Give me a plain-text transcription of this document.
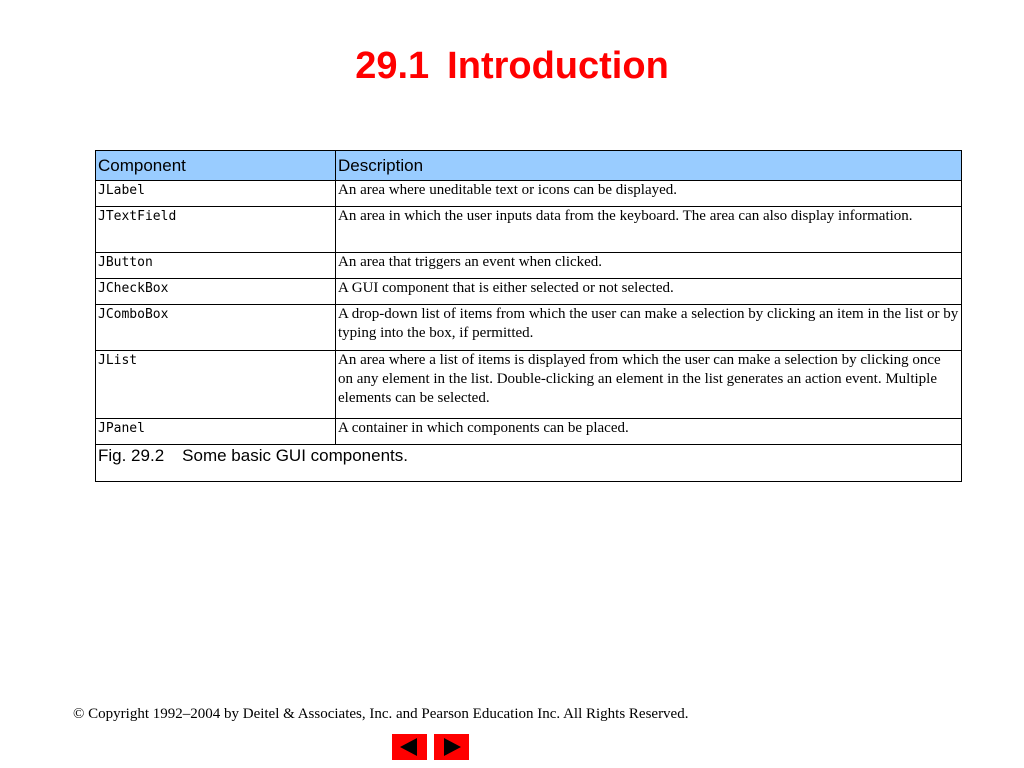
29.1 Introduction
Component	Description
JLabel	An area where uneditable text or icons can be displayed.
JTextField	An area in which the user inputs data from the keyboard. The area can also display information.
JButton	An area that triggers an event when clicked.
JCheckBox	A GUI component that is either selected or not selected.
JComboBox	A drop-down list of items from which the user can make a selection by clicking an item in the list or by typing into the box, if permitted.
JList	An area where a list of items is displayed from which the user can make a selection by clicking once on any element in the list. Double-clicking an element in the list generates an action event. Multiple elements can be selected.
JPanel	A container in which components can be placed.
Fig. 29.2 Some basic GUI components.	
© Copyright 1992–2004 by Deitel & Associates, Inc. and Pearson Education Inc. All Rights Reserved.
